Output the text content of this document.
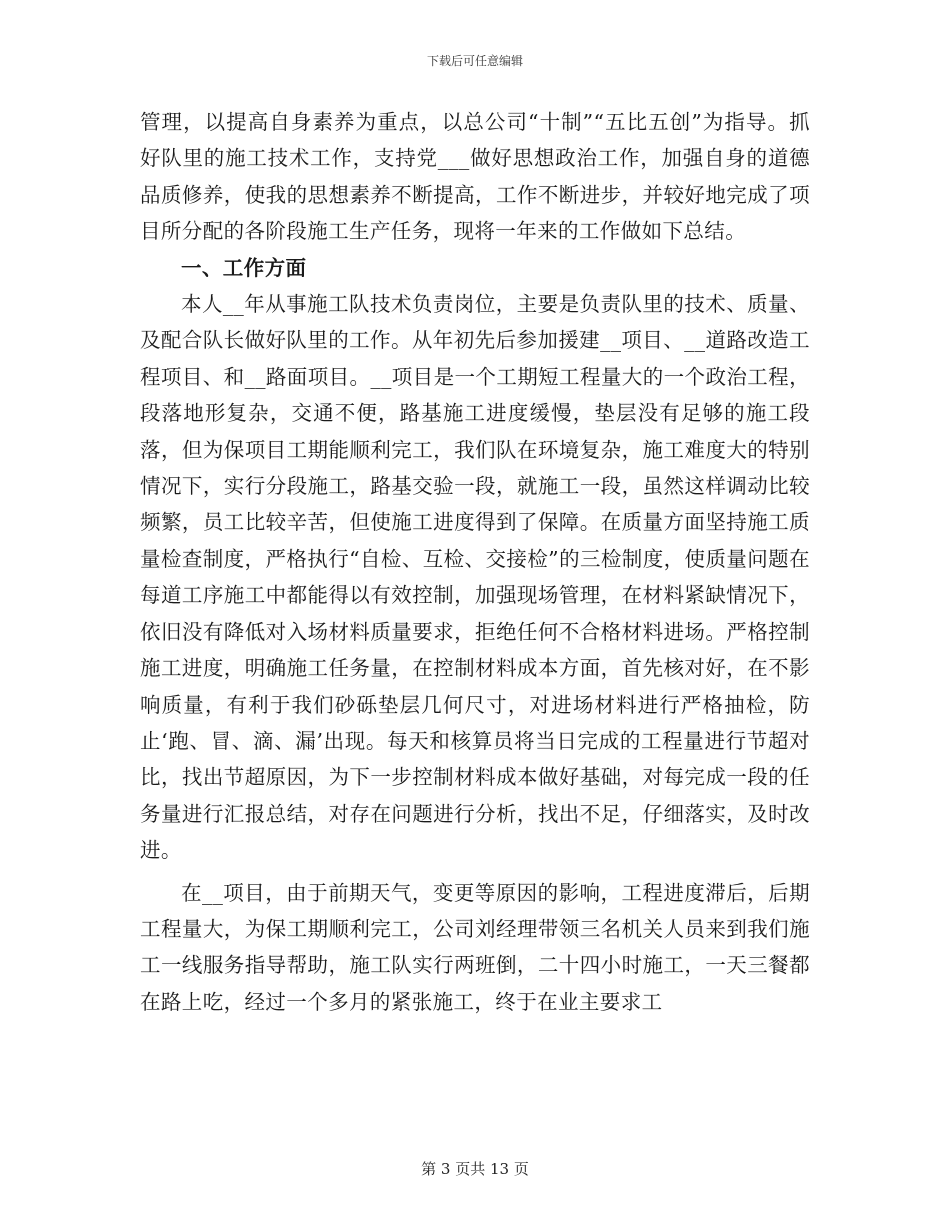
下载后可任意编辑

管理，以提高自身素养为重点，以总公司“十制”“五比五创”为指导。抓好队里的施工技术工作，支持党___做好思想政治工作，加强自身的道德品质修养，使我的思想素养不断提高，工作不断进步，并较好地完成了项目所分配的各阶段施工生产任务，现将一年来的工作做如下总结。

一、工作方面

本人__年从事施工队技术负责岗位，主要是负责队里的技术、质量、及配合队长做好队里的工作。从年初先后参加援建__项目、__道路改造工程项目、和__路面项目。__项目是一个工期短工程量大的一个政治工程，段落地形复杂，交通不便，路基施工进度缓慢，垫层没有足够的施工段落，但为保项目工期能顺利完工，我们队在环境复杂，施工难度大的特别情况下，实行分段施工，路基交验一段，就施工一段，虽然这样调动比较频繁，员工比较辛苦，但使施工进度得到了保障。在质量方面坚持施工质量检查制度，严格执行“自检、互检、交接检”的三检制度，使质量问题在每道工序施工中都能得以有效控制，加强现场管理，在材料紧缺情况下，依旧没有降低对入场材料质量要求，拒绝任何不合格材料进场。严格控制施工进度，明确施工任务量，在控制材料成本方面，首先核对好，在不影响质量，有利于我们砂砾垫层几何尺寸，对进场材料进行严格抽检，防止‘跑、冒、滴、漏’出现。每天和核算员将当日完成的工程量进行节超对比，找出节超原因，为下一步控制材料成本做好基础，对每完成一段的任务量进行汇报总结，对存在问题进行分析，找出不足，仔细落实，及时改进。

在__项目，由于前期天气，变更等原因的影响，工程进度滞后，后期工程量大，为保工期顺利完工，公司刘经理带领三名机关人员来到我们施工一线服务指导帮助，施工队实行两班倒，二十四小时施工，一天三餐都在路上吃，经过一个多月的紧张施工，终于在业主要求工

第 3 页共 13 页
